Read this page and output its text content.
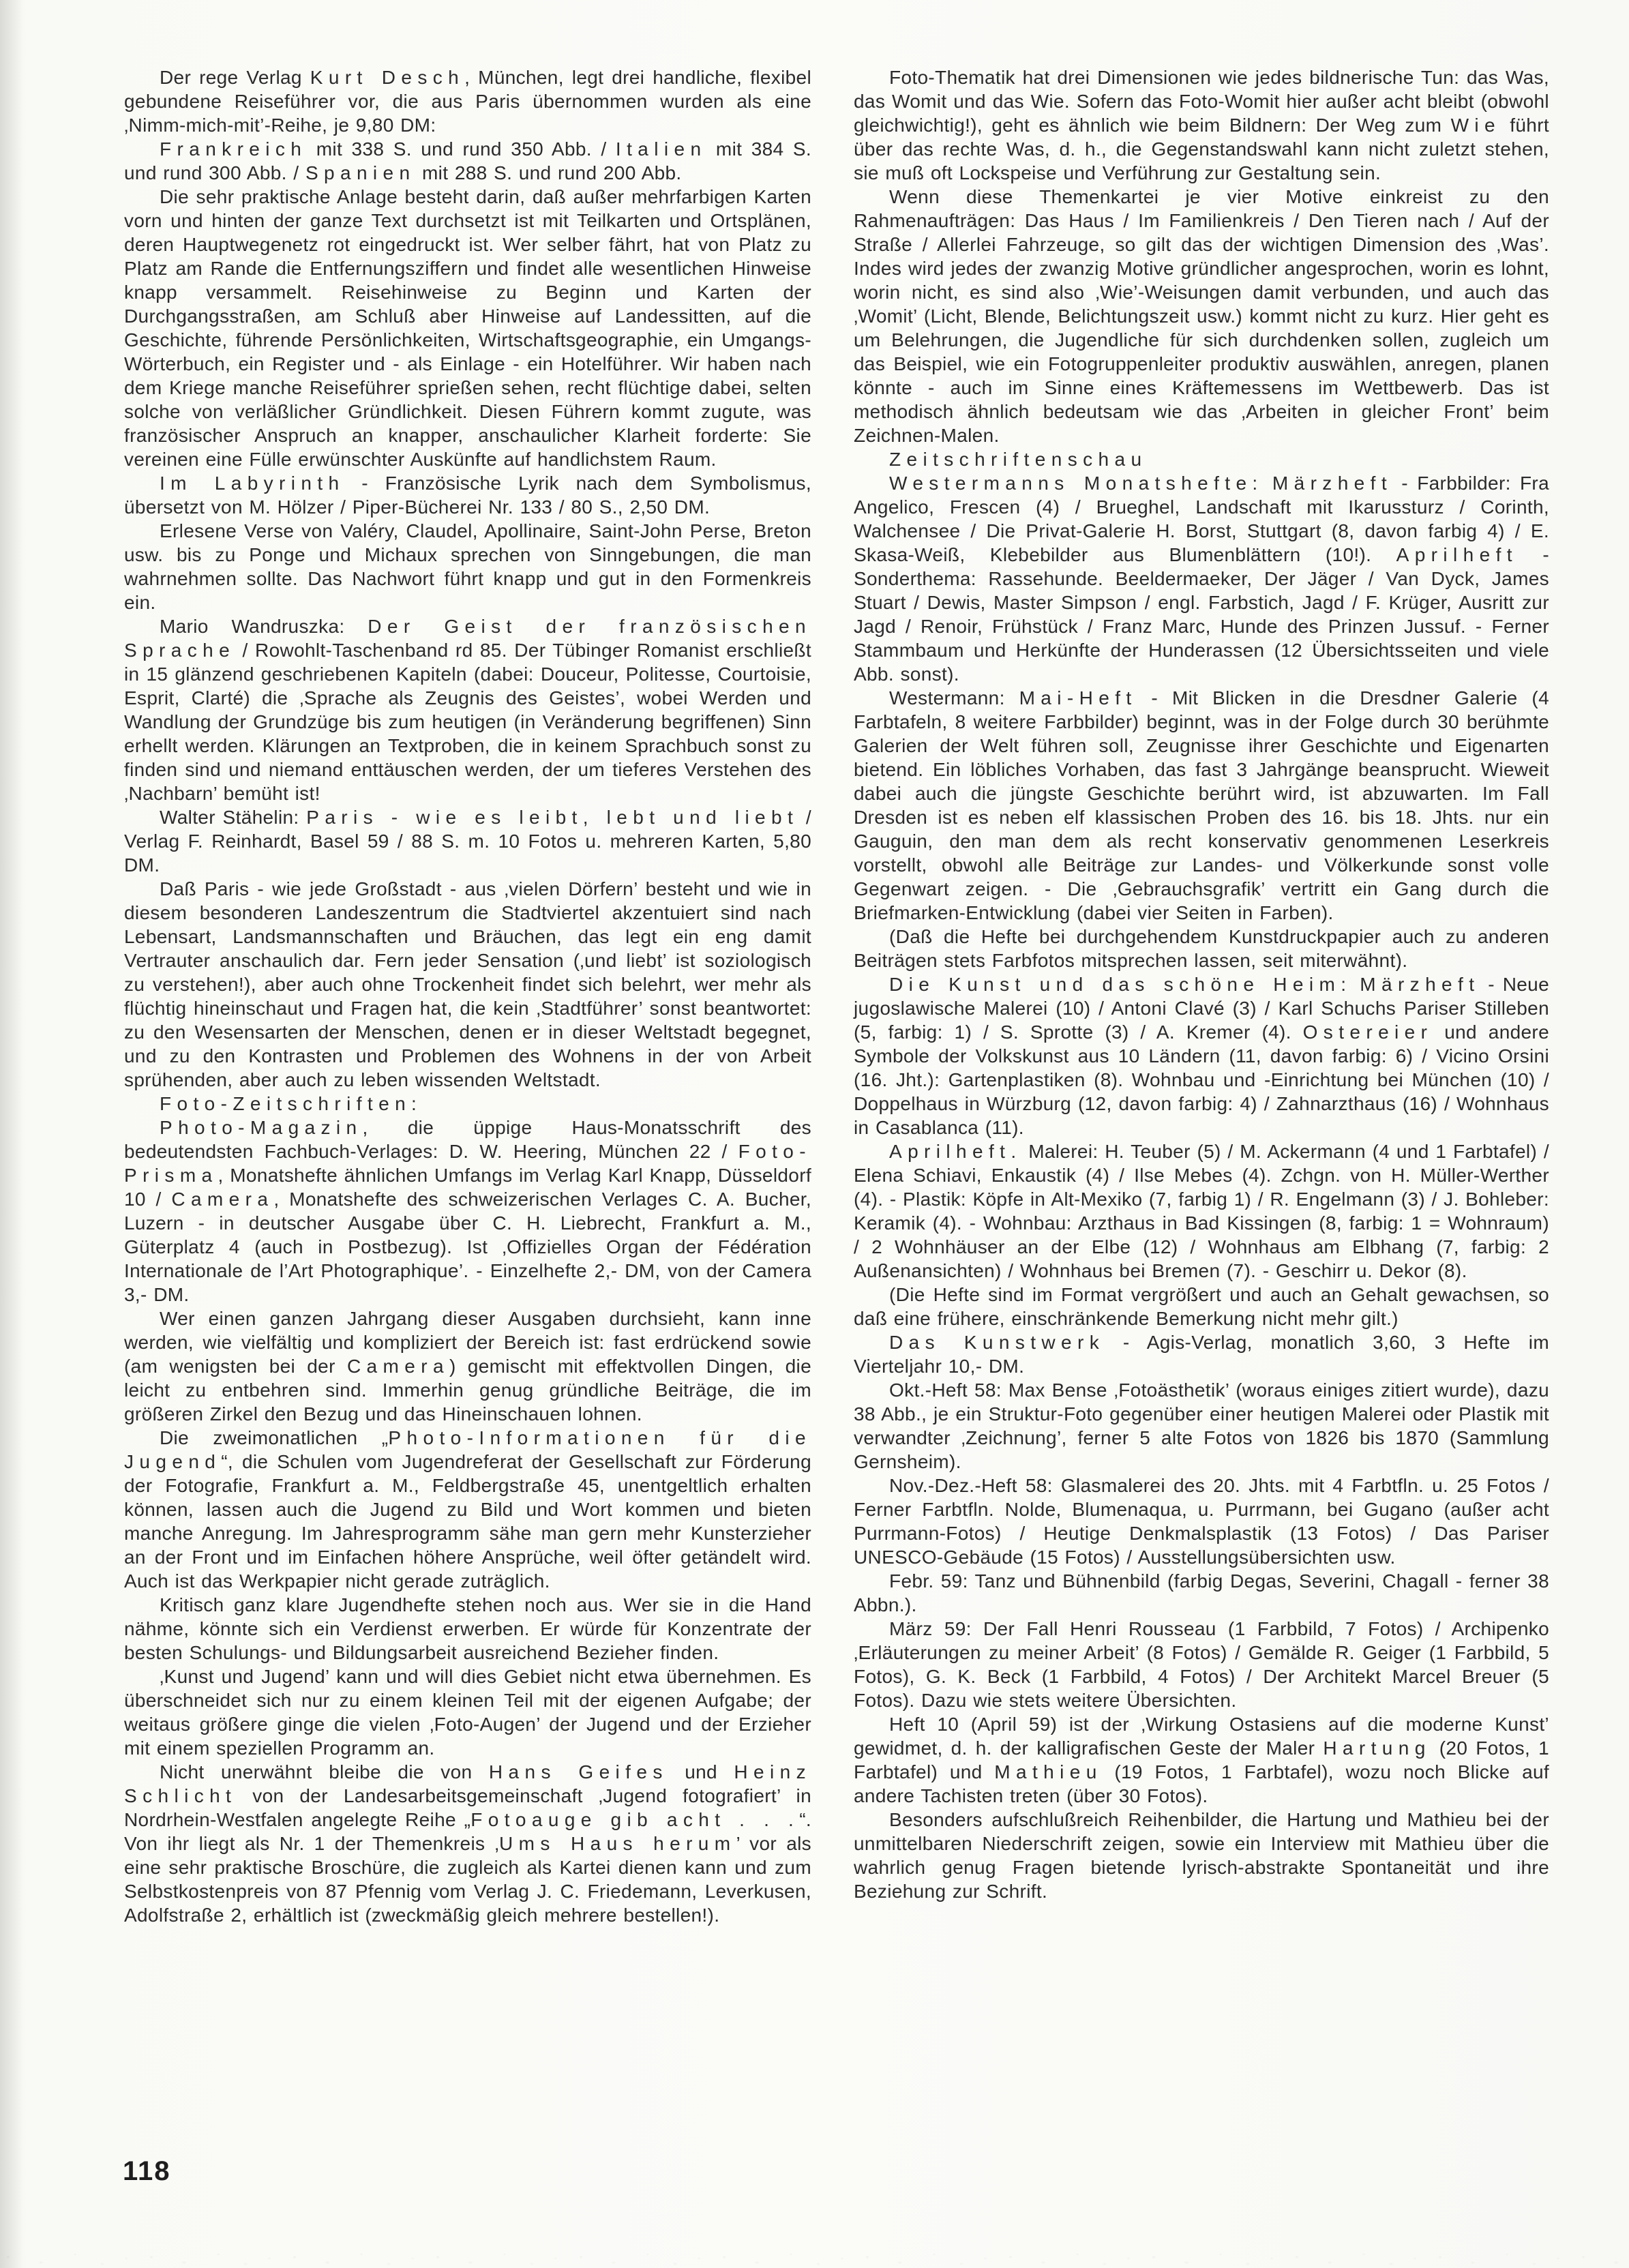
Der rege Verlag Kurt Desch, München, legt drei handliche, flexibel gebundene Reiseführer vor, die aus Paris übernommen wurden als eine ‚Nimm-mich-mit’-Reihe, je 9,80 DM:

Frankreich mit 338 S. und rund 350 Abb. / Italien mit 384 S. und rund 300 Abb. / Spanien mit 288 S. und rund 200 Abb.

Die sehr praktische Anlage besteht darin, daß außer mehrfarbigen Karten vorn und hinten der ganze Text durchsetzt ist mit Teilkarten und Ortsplänen, deren Hauptwegenetz rot eingedruckt ist. Wer selber fährt, hat von Platz zu Platz am Rande die Entfernungsziffern und findet alle wesentlichen Hinweise knapp versammelt. Reisehinweise zu Beginn und Karten der Durchgangsstraßen, am Schluß aber Hinweise auf Landessitten, auf die Geschichte, führende Persönlichkeiten, Wirtschaftsgeographie, ein Umgangs-Wörterbuch, ein Register und - als Einlage - ein Hotelführer. Wir haben nach dem Kriege manche Reiseführer sprießen sehen, recht flüchtige dabei, selten solche von verläßlicher Gründlichkeit. Diesen Führern kommt zugute, was französischer Anspruch an knapper, anschaulicher Klarheit forderte: Sie vereinen eine Fülle erwünschter Auskünfte auf handlichstem Raum.

Im Labyrinth - Französische Lyrik nach dem Symbolismus, übersetzt von M. Hölzer / Piper-Bücherei Nr. 133 / 80 S., 2,50 DM.

Erlesene Verse von Valéry, Claudel, Apollinaire, Saint-John Perse, Breton usw. bis zu Ponge und Michaux sprechen von Sinngebungen, die man wahrnehmen sollte. Das Nachwort führt knapp und gut in den Formenkreis ein.

Mario Wandruszka: Der Geist der französischen Sprache / Rowohlt-Taschenband rd 85. Der Tübinger Romanist erschließt in 15 glänzend geschriebenen Kapiteln (dabei: Douceur, Politesse, Courtoisie, Esprit, Clarté) die ‚Sprache als Zeugnis des Geistes’, wobei Werden und Wandlung der Grundzüge bis zum heutigen (in Veränderung begriffenen) Sinn erhellt werden. Klärungen an Textproben, die in keinem Sprachbuch sonst zu finden sind und niemand enttäuschen werden, der um tieferes Verstehen des ‚Nachbarn’ bemüht ist!

Walter Stähelin: Paris - wie es leibt, lebt und liebt / Verlag F. Reinhardt, Basel 59 / 88 S. m. 10 Fotos u. mehreren Karten, 5,80 DM.

Daß Paris - wie jede Großstadt - aus ‚vielen Dörfern’ besteht und wie in diesem besonderen Landeszentrum die Stadtviertel akzentuiert sind nach Lebensart, Landsmannschaften und Bräuchen, das legt ein eng damit Vertrauter anschaulich dar. Fern jeder Sensation (‚und liebt’ ist soziologisch zu verstehen!), aber auch ohne Trockenheit findet sich belehrt, wer mehr als flüchtig hineinschaut und Fragen hat, die kein ‚Stadtführer’ sonst beantwortet: zu den Wesensarten der Menschen, denen er in dieser Weltstadt begegnet, und zu den Kontrasten und Problemen des Wohnens in der von Arbeit sprühenden, aber auch zu leben wissenden Weltstadt.

Foto-Zeitschriften:

Photo-Magazin, die üppige Haus-Monatsschrift des bedeutendsten Fachbuch-Verlages: D. W. Heering, München 22 / Foto-Prisma, Monatshefte ähnlichen Umfangs im Verlag Karl Knapp, Düsseldorf 10 / Camera, Monatshefte des schweizerischen Verlages C. A. Bucher, Luzern - in deutscher Ausgabe über C. H. Liebrecht, Frankfurt a. M., Güterplatz 4 (auch in Postbezug). Ist ‚Offizielles Organ der Fédération Internationale de l’Art Photographique’. - Einzelhefte 2,- DM, von der Camera 3,- DM.

Wer einen ganzen Jahrgang dieser Ausgaben durchsieht, kann inne werden, wie vielfältig und kompliziert der Bereich ist: fast erdrückend sowie (am wenigsten bei der Camera) gemischt mit effektvollen Dingen, die leicht zu entbehren sind. Immerhin genug gründliche Beiträge, die im größeren Zirkel den Bezug und das Hineinschauen lohnen.

Die zweimonatlichen „Photo-Informationen für die Jugend“, die Schulen vom Jugendreferat der Gesellschaft zur Förderung der Fotografie, Frankfurt a. M., Feldbergstraße 45, unentgeltlich erhalten können, lassen auch die Jugend zu Bild und Wort kommen und bieten manche Anregung. Im Jahresprogramm sähe man gern mehr Kunsterzieher an der Front und im Einfachen höhere Ansprüche, weil öfter getändelt wird. Auch ist das Werkpapier nicht gerade zuträglich.

Kritisch ganz klare Jugendhefte stehen noch aus. Wer sie in die Hand nähme, könnte sich ein Verdienst erwerben. Er würde für Konzentrate der besten Schulungs- und Bildungsarbeit ausreichend Bezieher finden.

‚Kunst und Jugend’ kann und will dies Gebiet nicht etwa übernehmen. Es überschneidet sich nur zu einem kleinen Teil mit der eigenen Aufgabe; der weitaus größere ginge die vielen ‚Foto-Augen’ der Jugend und der Erzieher mit einem speziellen Programm an.

Nicht unerwähnt bleibe die von Hans Geifes und Heinz Schlicht von der Landesarbeitsgemeinschaft ‚Jugend fotografiert’ in Nordrhein-Westfalen angelegte Reihe „Fotoauge gib acht . . .“. Von ihr liegt als Nr. 1 der Themenkreis ‚Ums Haus herum’ vor als eine sehr praktische Broschüre, die zugleich als Kartei dienen kann und zum Selbstkostenpreis von 87 Pfennig vom Verlag J. C. Friedemann, Leverkusen, Adolfstraße 2, erhältlich ist (zweckmäßig gleich mehrere bestellen!).

Foto-Thematik hat drei Dimensionen wie jedes bildnerische Tun: das Was, das Womit und das Wie. Sofern das Foto-Womit hier außer acht bleibt (obwohl gleichwichtig!), geht es ähnlich wie beim Bildnern: Der Weg zum Wie führt über das rechte Was, d. h., die Gegenstandswahl kann nicht zuletzt stehen, sie muß oft Lockspeise und Verführung zur Gestaltung sein.

Wenn diese Themenkartei je vier Motive einkreist zu den Rahmenaufträgen: Das Haus / Im Familienkreis / Den Tieren nach / Auf der Straße / Allerlei Fahrzeuge, so gilt das der wichtigen Dimension des ‚Was’. Indes wird jedes der zwanzig Motive gründlicher angesprochen, worin es lohnt, worin nicht, es sind also ‚Wie’-Weisungen damit verbunden, und auch das ‚Womit’ (Licht, Blende, Belichtungszeit usw.) kommt nicht zu kurz. Hier geht es um Belehrungen, die Jugendliche für sich durchdenken sollen, zugleich um das Beispiel, wie ein Fotogruppenleiter produktiv auswählen, anregen, planen könnte - auch im Sinne eines Kräftemessens im Wettbewerb. Das ist methodisch ähnlich bedeutsam wie das ‚Arbeiten in gleicher Front’ beim Zeichnen-Malen.

Zeitschriftenschau

Westermanns Monatshefte: Märzheft - Farbbilder: Fra Angelico, Frescen (4) / Brueghel, Landschaft mit Ikarussturz / Corinth, Walchensee / Die Privat-Galerie H. Borst, Stuttgart (8, davon farbig 4) / E. Skasa-Weiß, Klebebilder aus Blumenblättern (10!). Aprilheft - Sonderthema: Rassehunde. Beeldermaeker, Der Jäger / Van Dyck, James Stuart / Dewis, Master Simpson / engl. Farbstich, Jagd / F. Krüger, Ausritt zur Jagd / Renoir, Frühstück / Franz Marc, Hunde des Prinzen Jussuf. - Ferner Stammbaum und Herkünfte der Hunderassen (12 Übersichtsseiten und viele Abb. sonst).

Westermann: Mai-Heft - Mit Blicken in die Dresdner Galerie (4 Farbtafeln, 8 weitere Farbbilder) beginnt, was in der Folge durch 30 berühmte Galerien der Welt führen soll, Zeugnisse ihrer Geschichte und Eigenarten bietend. Ein löbliches Vorhaben, das fast 3 Jahrgänge beansprucht. Wieweit dabei auch die jüngste Geschichte berührt wird, ist abzuwarten. Im Fall Dresden ist es neben elf klassischen Proben des 16. bis 18. Jhts. nur ein Gauguin, den man dem als recht konservativ genommenen Leserkreis vorstellt, obwohl alle Beiträge zur Landes- und Völkerkunde sonst volle Gegenwart zeigen. - Die ‚Gebrauchsgrafik’ vertritt ein Gang durch die Briefmarken-Entwicklung (dabei vier Seiten in Farben).

(Daß die Hefte bei durchgehendem Kunstdruckpapier auch zu anderen Beiträgen stets Farbfotos mitsprechen lassen, seit miterwähnt).

Die Kunst und das schöne Heim: Märzheft - Neue jugoslawische Malerei (10) / Antoni Clavé (3) / Karl Schuchs Pariser Stilleben (5, farbig: 1) / S. Sprotte (3) / A. Kremer (4). Ostereier und andere Symbole der Volkskunst aus 10 Ländern (11, davon farbig: 6) / Vicino Orsini (16. Jht.): Gartenplastiken (8). Wohnbau und -Einrichtung bei München (10) / Doppelhaus in Würzburg (12, davon farbig: 4) / Zahnarzthaus (16) / Wohnhaus in Casablanca (11).

Aprilheft. Malerei: H. Teuber (5) / M. Ackermann (4 und 1 Farbtafel) / Elena Schiavi, Enkaustik (4) / Ilse Mebes (4). Zchgn. von H. Müller-Werther (4). - Plastik: Köpfe in Alt-Mexiko (7, farbig 1) / R. Engelmann (3) / J. Bohleber: Keramik (4). - Wohnbau: Arzthaus in Bad Kissingen (8, farbig: 1 = Wohnraum) / 2 Wohnhäuser an der Elbe (12) / Wohnhaus am Elbhang (7, farbig: 2 Außenansichten) / Wohnhaus bei Bremen (7). - Geschirr u. Dekor (8).

(Die Hefte sind im Format vergrößert und auch an Gehalt gewachsen, so daß eine frühere, einschränkende Bemerkung nicht mehr gilt.)

Das Kunstwerk - Agis-Verlag, monatlich 3,60, 3 Hefte im Vierteljahr 10,- DM.

Okt.-Heft 58: Max Bense ‚Fotoästhetik’ (woraus einiges zitiert wurde), dazu 38 Abb., je ein Struktur-Foto gegenüber einer heutigen Malerei oder Plastik mit verwandter ‚Zeichnung’, ferner 5 alte Fotos von 1826 bis 1870 (Sammlung Gernsheim).

Nov.-Dez.-Heft 58: Glasmalerei des 20. Jhts. mit 4 Farbtfln. u. 25 Fotos / Ferner Farbtfln. Nolde, Blumenaqua, u. Purrmann, bei Gugano (außer acht Purrmann-Fotos) / Heutige Denkmalsplastik (13 Fotos) / Das Pariser UNESCO-Gebäude (15 Fotos) / Ausstellungsübersichten usw.

Febr. 59: Tanz und Bühnenbild (farbig Degas, Severini, Chagall - ferner 38 Abbn.).

März 59: Der Fall Henri Rousseau (1 Farbbild, 7 Fotos) / Archipenko ‚Erläuterungen zu meiner Arbeit’ (8 Fotos) / Gemälde R. Geiger (1 Farbbild, 5 Fotos), G. K. Beck (1 Farbbild, 4 Fotos) / Der Architekt Marcel Breuer (5 Fotos). Dazu wie stets weitere Übersichten.

Heft 10 (April 59) ist der ‚Wirkung Ostasiens auf die moderne Kunst’ gewidmet, d. h. der kalligrafischen Geste der Maler Hartung (20 Fotos, 1 Farbtafel) und Mathieu (19 Fotos, 1 Farbtafel), wozu noch Blicke auf andere Tachisten treten (über 30 Fotos).

Besonders aufschlußreich Reihenbilder, die Hartung und Mathieu bei der unmittelbaren Niederschrift zeigen, sowie ein Interview mit Mathieu über die wahrlich genug Fragen bietende lyrisch-abstrakte Spontaneität und ihre Beziehung zur Schrift.

118
